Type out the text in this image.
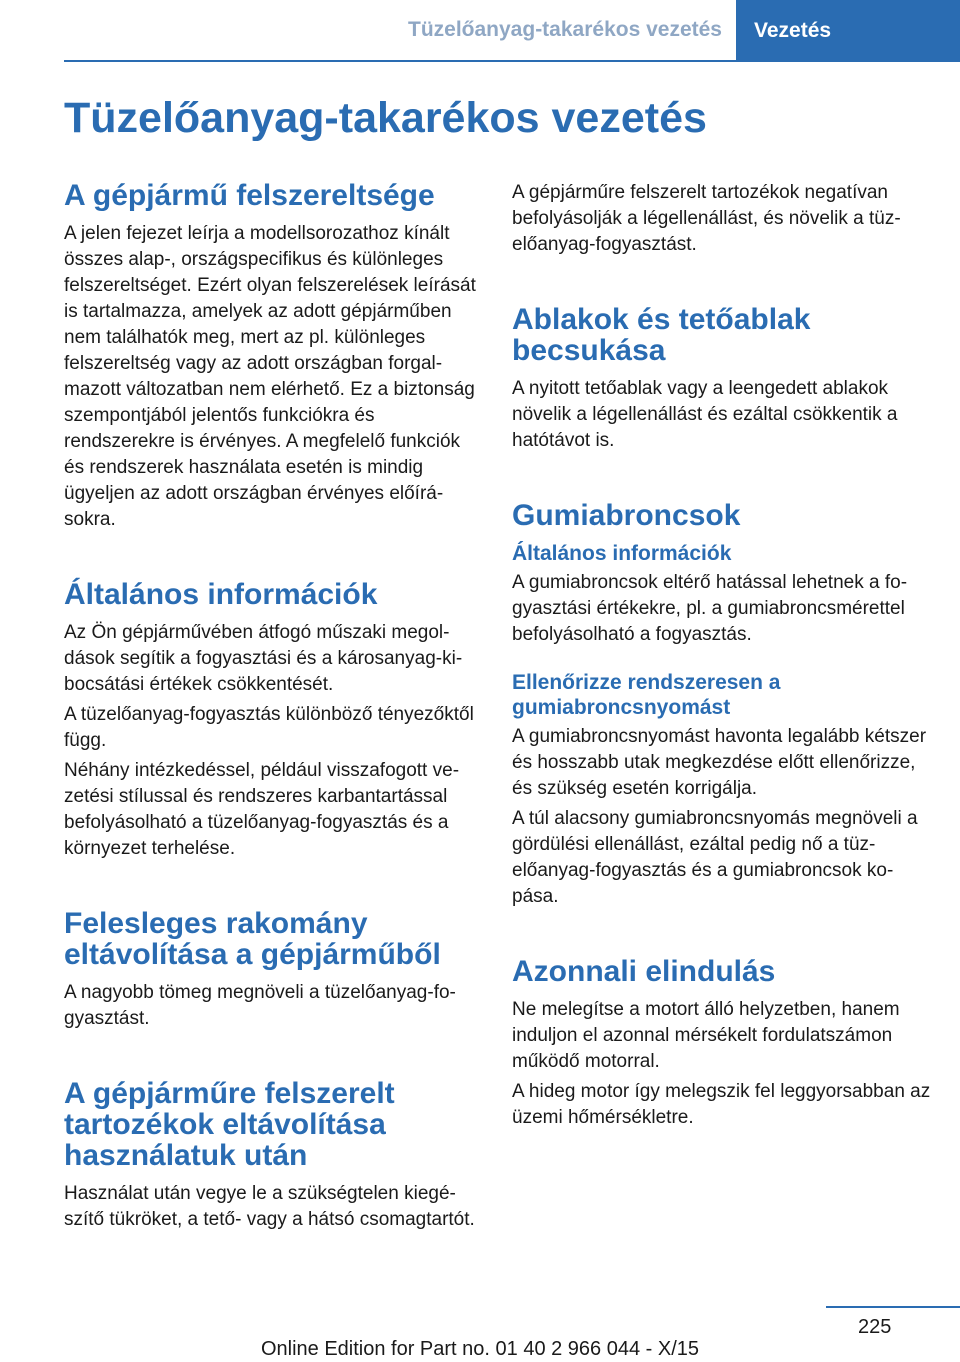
Tüzelőanyag-takarékos vezetés	Vezetés
Tüzelőanyag-takarékos vezetés
A gépjármű felszereltsége

A jelen fejezet leírja a modellsorozathoz kínált összes alap-, országspecifikus és különleges felszereltséget. Ezért olyan felszerelések leírását is tartalmazza, amelyek az adott gépjárműben nem találhatók meg, mert az pl. különleges felszereltség vagy az adott országban forgalmazott változatban nem elérhető. Ez a biztonság szempontjából jelentős funkciókra és rendszerekre is érvényes. A megfelelő funkciók és rendszerek használata esetén is mindig ügyeljen az adott országban érvényes előírásokra.

Általános információk

Az Ön gépjárművében átfogó műszaki megoldások segítik a fogyasztási és a károsanyag-kibocsátási értékek csökkentését.

A tüzelőanyag-fogyasztás különböző tényezőktől függ.

Néhány intézkedéssel, például visszafogott vezetési stílussal és rendszeres karbantartással befolyásolható a tüzelőanyag-fogyasztás és a környezet terhelése.

Felesleges rakomány eltávolítása a gépjárműből

A nagyobb tömeg megnöveli a tüzelőanyag-fogyasztást.

A gépjárműre felszerelt tartozékok eltávolítása használatuk után

Használat után vegye le a szükségtelen kiegészítő tükröket, a tető- vagy a hátsó csomagtartót.

A gépjárműre felszerelt tartozékok negatívan befolyásolják a légellenállást, és növelik a tüzelőanyag-fogyasztást.

Ablakok és tetőablak becsukása

A nyitott tetőablak vagy a leengedett ablakok növelik a légellenállást és ezáltal csökkentik a hatótávot is.

Gumiabroncsok
Általános információk

A gumiabroncsok eltérő hatással lehetnek a fogyasztási értékekre, pl. a gumiabroncsmérettel befolyásolható a fogyasztás.

Ellenőrizze rendszeresen a gumiabroncsnyomást

A gumiabroncsnyomást havonta legalább kétszer és hosszabb utak megkezdése előtt ellenőrizze, és szükség esetén korrigálja.

A túl alacsony gumiabroncsnyomás megnöveli a gördülési ellenállást, ezáltal pedig nő a tüzelőanyag-fogyasztás és a gumiabroncsok kopása.

Azonnali elindulás

Ne melegítse a motort álló helyzetben, hanem induljon el azonnal mérsékelt fordulatszámon működő motorral.

A hideg motor így melegszik fel leggyorsabban az üzemi hőmérsékletre.

225
Online Edition for Part no. 01 40 2 966 044 - X/15
